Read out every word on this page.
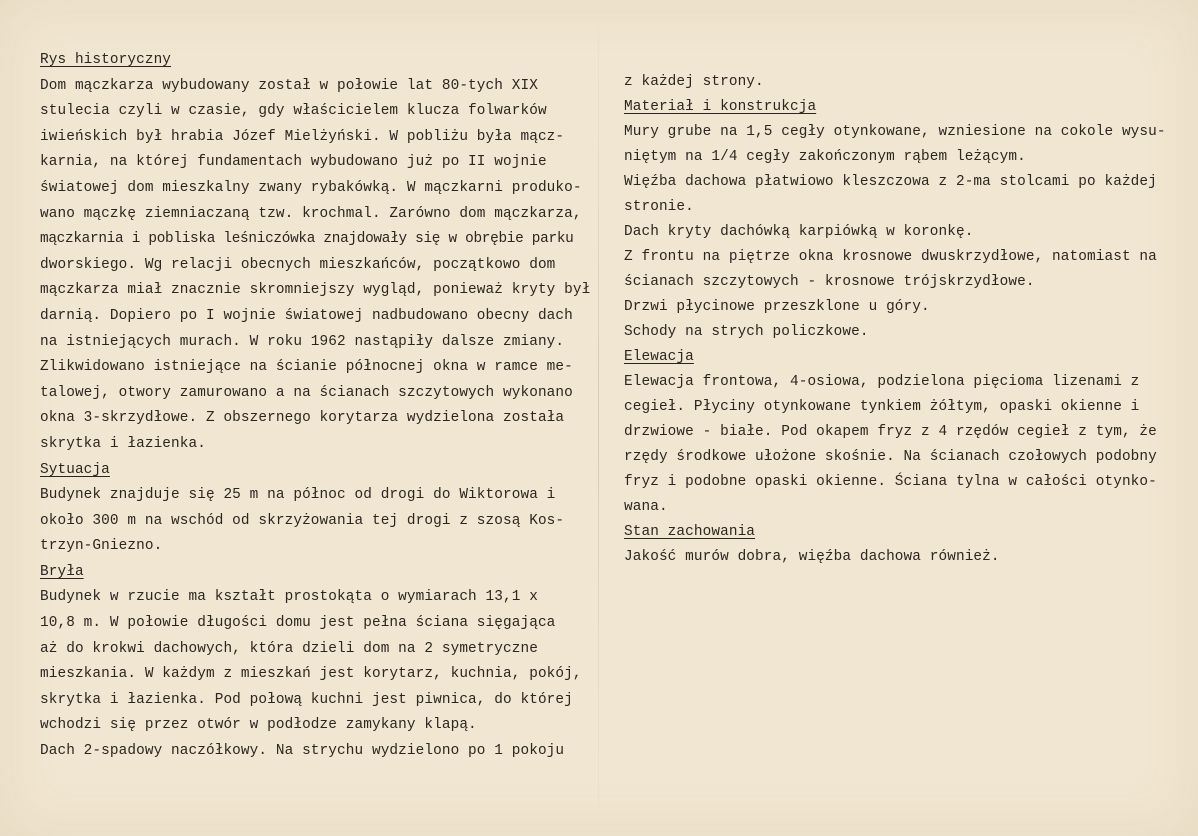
Rys historyczny
Dom mączkarza wybudowany został w połowie lat 80-tych XIX
stulecia czyli w czasie, gdy właścicielem klucza folwarków
iwieńskich był hrabia Józef Mielżyński. W pobliżu była mącz-
karnia, na której fundamentach wybudowano już po II wojnie
światowej dom mieszkalny zwany rybakówką. W mączkarni produko-
wano mączkę ziemniaczaną tzw. krochmal. Zarówno dom mączkarza,
mączkarnia i pobliska leśniczówka znajdowały się w obrębie parku
dworskiego. Wg relacji obecnych mieszkańców, początkowo dom
mączkarza miał znacznie skromniejszy wygląd, ponieważ kryty był
darnią. Dopiero po I wojnie światowej nadbudowano obecny dach
na istniejących murach. W roku 1962 nastąpiły dalsze zmiany.
Zlikwidowano istniejące na ścianie północnej okna w ramce me-
talowej, otwory zamurowano a na ścianach szczytowych wykonano
okna 3-skrzydłowe. Z obszernego korytarza wydzielona została
skrytka i łazienka.
Sytuacja
Budynek znajduje się 25 m na północ od drogi do Wiktorowa i
około 300 m na wschód od skrzyżowania tej drogi z szosą Kos-
trzyn-Gniezno.
Bryła
Budynek w rzucie ma kształt prostokąta o wymiarach 13,1 x
10,8 m. W połowie długości domu jest pełna ściana sięgająca
aż do krokwi dachowych, która dzieli dom na 2 symetryczne
mieszkania. W każdym z mieszkań jest korytarz, kuchnia, pokój,
skrytka i łazienka. Pod połową kuchni jest piwnica, do której
wchodzi się przez otwór w podłodze zamykany klapą.
Dach 2-spadowy naczółkowy. Na strychu wydzielono po 1 pokoju
z każdej strony.
Materiał i konstrukcja
Mury grube na 1,5 cegły otynkowane, wzniesione na cokole wysu-
niętym na 1/4 cegły zakończonym rąbem leżącym.
Więźba dachowa płatwiowo kleszczowa z 2-ma stolcami po każdej
stronie.
Dach kryty dachówką karpiówką w koronkę.
Z frontu na piętrze okna krosnowe dwuskrzydłowe, natomiast na
ścianach szczytowych - krosnowe trójskrzydłowe.
Drzwi płycinowe przeszklone u góry.
Schody na strych policzkowe.
Elewacja
Elewacja frontowa, 4-osiowa, podzielona pięcioma lizenami z
cegieł. Płyciny otynkowane tynkiem żółtym, opaski okienne i
drzwiowe - białe. Pod okapem fryz z 4 rzędów cegieł z tym, że
rzędy środkowe ułożone skośnie. Na ścianach czołowych podobny
fryz i podobne opaski okienne. Ściana tylna w całości otynko-
wana.
Stan zachowania
Jakość murów dobra, więźba dachowa również.
